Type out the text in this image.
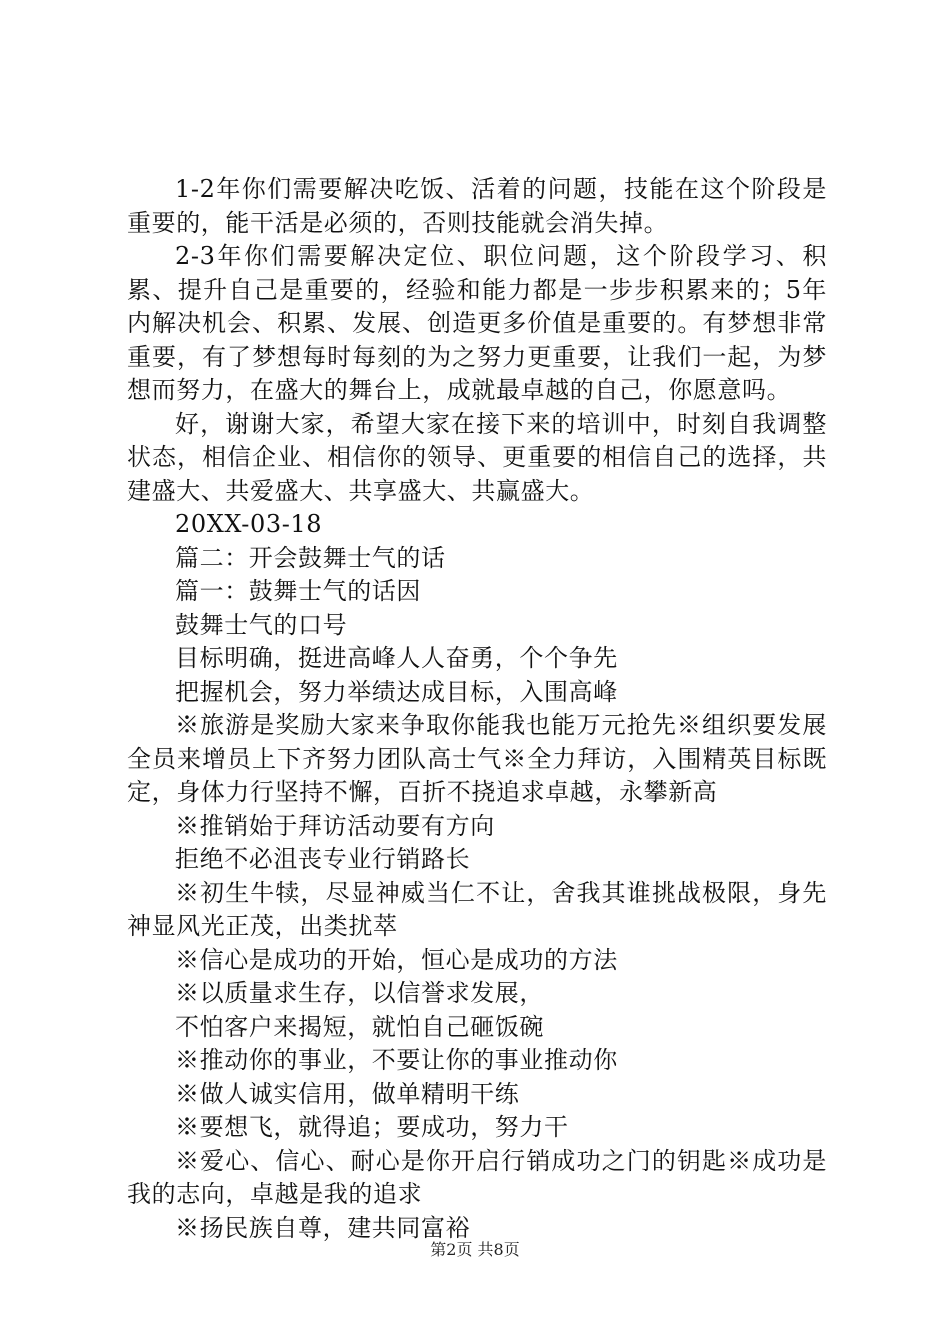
1-2年你们需要解决吃饭、活着的问题，技能在这个阶段是重要的，能干活是必须的，否则技能就会消失掉。

2-3年你们需要解决定位、职位问题，这个阶段学习、积累、提升自己是重要的，经验和能力都是一步步积累来的；5年内解决机会、积累、发展、创造更多价值是重要的。有梦想非常重要，有了梦想每时每刻的为之努力更重要，让我们一起，为梦想而努力，在盛大的舞台上，成就最卓越的自己，你愿意吗。

好，谢谢大家，希望大家在接下来的培训中，时刻自我调整状态，相信企业、相信你的领导、更重要的相信自己的选择，共建盛大、共爱盛大、共享盛大、共赢盛大。

20XX-03-18

篇二：开会鼓舞士气的话

篇一：鼓舞士气的话因

鼓舞士气的口号

目标明确，挺进高峰人人奋勇，个个争先

把握机会，努力举绩达成目标，入围高峰

※旅游是奖励大家来争取你能我也能万元抢先※组织要发展全员来增员上下齐努力团队高士气※全力拜访，入围精英目标既定，身体力行坚持不懈，百折不挠追求卓越，永攀新高

※推销始于拜访活动要有方向

拒绝不必沮丧专业行销路长

※初生牛犊，尽显神威当仁不让，舍我其谁挑战极限，身先神显风光正茂，出类扰萃

※信心是成功的开始，恒心是成功的方法

※以质量求生存，以信誉求发展，

不怕客户来揭短，就怕自己砸饭碗

※推动你的事业，不要让你的事业推动你

※做人诚实信用，做单精明干练

※要想飞，就得追；要成功，努力干

※爱心、信心、耐心是你开启行销成功之门的钥匙※成功是我的志向，卓越是我的追求

※扬民族自尊，建共同富裕

第2页 共8页
